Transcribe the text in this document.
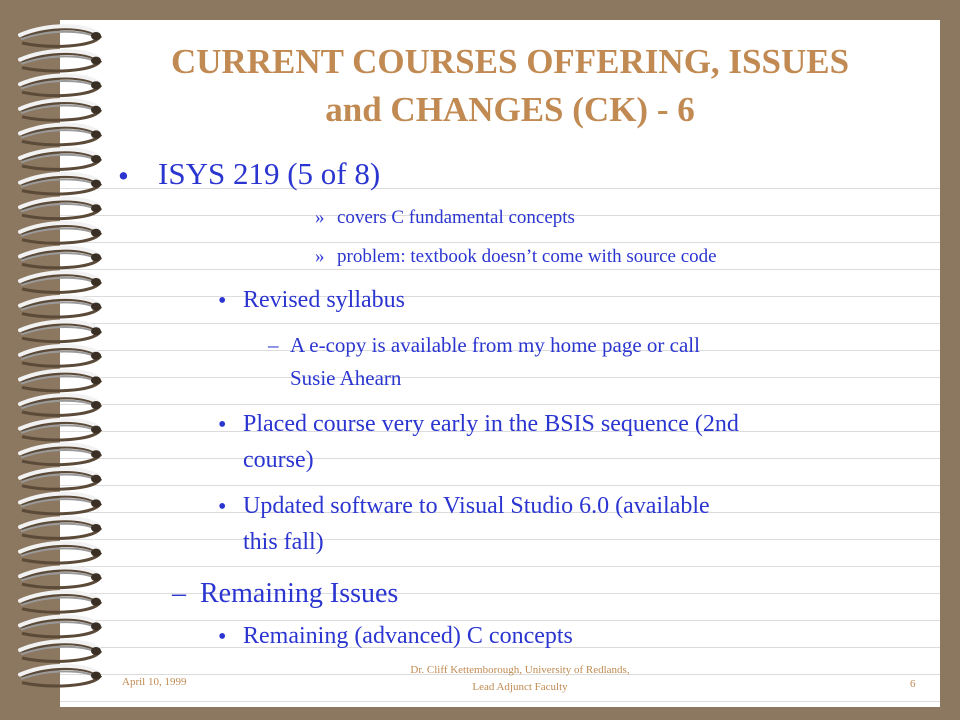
CURRENT COURSES OFFERING, ISSUES
and CHANGES (CK) - 6
• ISYS 219 (5 of 8)
» covers C fundamental concepts
» problem: textbook doesn’t come with source code
• Revised syllabus
– A e-copy is available from my home page or call
Susie Ahearn
• Placed course very early in the BSIS sequence (2nd
course)
• Updated software to Visual Studio 6.0 (available
this fall)
– Remaining Issues
• Remaining (advanced) C concepts
April 10, 1999
Dr. Cliff Kettemborough, University of Redlands,
Lead Adjunct Faculty	6
